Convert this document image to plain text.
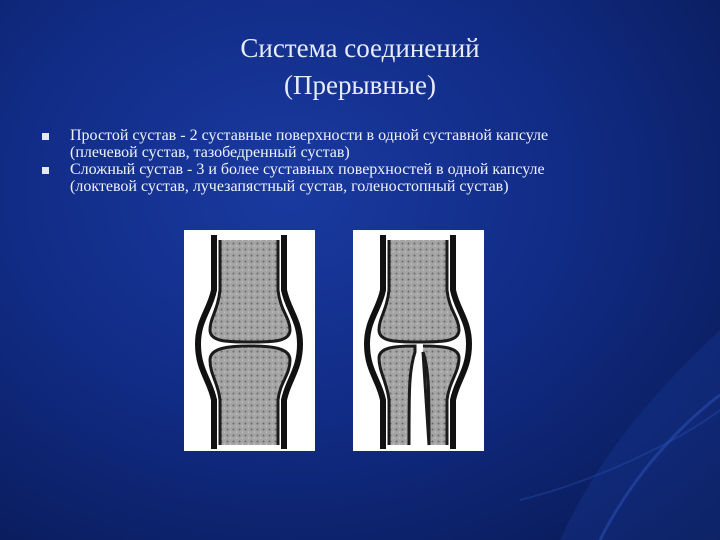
Система соединений
(Прерывные)
Простой сустав - 2 суставные поверхности в одной суставной капсуле
(плечевой сустав, тазобедренный сустав)
Сложный сустав - 3 и более суставных поверхностей в одной капсуле
(локтевой сустав, лучезапястный сустав, голеностопный сустав)
